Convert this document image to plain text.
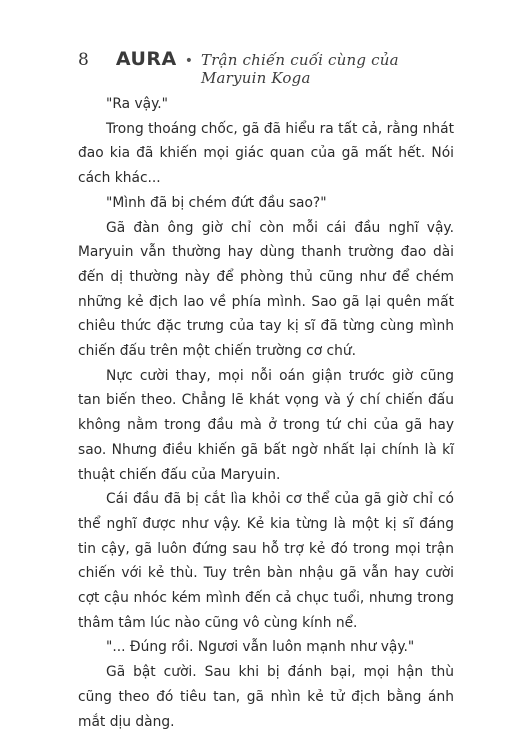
8 AURA • Trận chiến cuối cùng của Maryuin Koga

"Ra vậy."

Trong thoáng chốc, gã đã hiểu ra tất cả, rằng nhát đao kia đã khiến mọi giác quan của gã mất hết. Nói cách khác...

"Mình đã bị chém đứt đầu sao?"

Gã đàn ông giờ chỉ còn mỗi cái đầu nghĩ vậy. Maryuin vẫn thường hay dùng thanh trường đao dài đến dị thường này để phòng thủ cũng như để chém những kẻ địch lao về phía mình. Sao gã lại quên mất chiêu thức đặc trưng của tay kị sĩ đã từng cùng mình chiến đấu trên một chiến trường cơ chứ.

Nực cười thay, mọi nỗi oán giận trước giờ cũng tan biến theo. Chẳng lẽ khát vọng và ý chí chiến đấu không nằm trong đầu mà ở trong tứ chi của gã hay sao. Nhưng điều khiến gã bất ngờ nhất lại chính là kĩ thuật chiến đấu của Maryuin.

Cái đầu đã bị cắt lìa khỏi cơ thể của gã giờ chỉ có thể nghĩ được như vậy. Kẻ kia từng là một kị sĩ đáng tin cậy, gã luôn đứng sau hỗ trợ kẻ đó trong mọi trận chiến với kẻ thù. Tuy trên bàn nhậu gã vẫn hay cười cợt cậu nhóc kém mình đến cả chục tuổi, nhưng trong thâm tâm lúc nào cũng vô cùng kính nể.

"... Đúng rồi. Ngươi vẫn luôn mạnh như vậy."

Gã bật cười. Sau khi bị đánh bại, mọi hận thù cũng theo đó tiêu tan, gã nhìn kẻ tử địch bằng ánh mắt dịu dàng.
